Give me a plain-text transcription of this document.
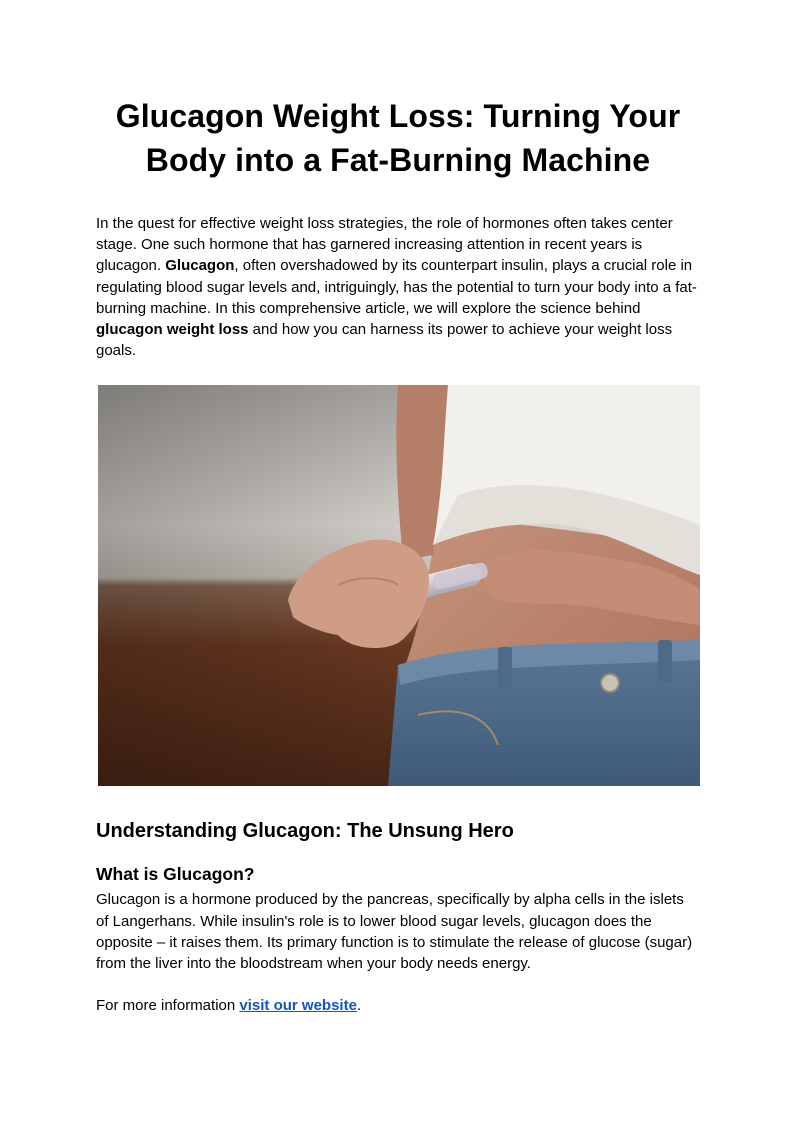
Glucagon Weight Loss: Turning Your Body into a Fat-Burning Machine

In the quest for effective weight loss strategies, the role of hormones often takes center stage. One such hormone that has garnered increasing attention in recent years is glucagon. Glucagon, often overshadowed by its counterpart insulin, plays a crucial role in regulating blood sugar levels and, intriguingly, has the potential to turn your body into a fat-burning machine. In this comprehensive article, we will explore the science behind glucagon weight loss and how you can harness its power to achieve your weight loss goals.

Understanding Glucagon: The Unsung Hero
What is Glucagon?

Glucagon is a hormone produced by the pancreas, specifically by alpha cells in the islets of Langerhans. While insulin's role is to lower blood sugar levels, glucagon does the opposite – it raises them. Its primary function is to stimulate the release of glucose (sugar) from the liver into the bloodstream when your body needs energy.

For more information visit our website.
